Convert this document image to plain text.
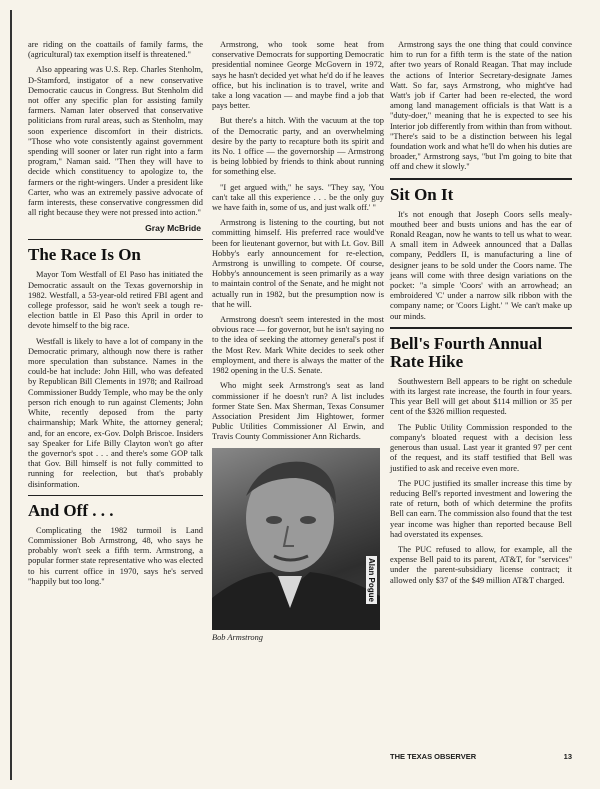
are riding on the coattails of family farms, the (agricultural) tax exemption itself is threatened."

Also appearing was U.S. Rep. Charles Stenholm, D-Stamford, instigator of a new conservative Democratic caucus in Congress. But Stenholm did not offer any specific plan for assisting family farmers. Naman later observed that conservative politicians from rural areas, such as Stenholm, may soon experience discomfort in their districts. "Those who vote consistently against government spending will sooner or later run right into a farm program," Naman said. "Then they will have to decide which constituency to apologize to, the farmers or the right-wingers. Under a president like Carter, who was an extremely passive advocate of farm interests, these conservative congressmen did all right because they were not pressed into action."

Gray McBride
The Race Is On

Mayor Tom Westfall of El Paso has initiated the Democratic assault on the Texas governorship in 1982. Westfall, a 53-year-old retired FBI agent and college professor, said he won't seek a tough re-election battle in El Paso this April in order to devote himself to the big race.

Westfall is likely to have a lot of company in the Democratic primary, although now there is rather more speculation than substance. Names in the could-be hat include: John Hill, who was defeated by Republican Bill Clements in 1978; and Railroad Commissioner Buddy Temple, who may be the only person rich enough to run against Clements; John White, recently deposed from the party chairmanship; Mark White, the attorney general; and, for an encore, ex-Gov. Dolph Briscoe. Insiders say Speaker for Life Billy Clayton won't go after the governor's spot . . . and there's some GOP talk that Gov. Bill himself is not fully committed to running for reelection, but that's probably disinformation.

And Off . . .

Complicating the 1982 turmoil is Land Commissioner Bob Armstrong, 48, who says he probably won't seek a fifth term. Armstrong, a popular former state representative who was elected to his current office in 1970, says he's served "happily but too long."

Armstrong, who took some heat from conservative Democrats for supporting Democratic presidential nominee George McGovern in 1972, says he hasn't decided yet what he'd do if he leaves office, but his inclination is to travel, write and take a long vacation — and maybe find a job that pays better.

But there's a hitch. With the vacuum at the top of the Democratic party, and an overwhelming desire by the party to recapture both its spirit and its No. 1 office — the governorship — Armstrong is being lobbied by friends to think about running for something else.

"I get argued with," he says. "They say, 'You can't take all this experience . . . be the only guy we have faith in, some of us, and just walk off.' "

Armstrong is listening to the courting, but not committing himself. His preferred race would've been for lieutenant governor, but with Lt. Gov. Bill Hobby's early announcement for re-election, Armstrong is unwilling to compete. Of course, Hobby's announcement is seen primarily as a way to maintain control of the Senate, and he might not actually run in 1982, but the presumption now is that he will.

Armstrong doesn't seem interested in the most obvious race — for governor, but he isn't saying no to the idea of seeking the attorney general's post if the Most Rev. Mark White decides to seek other employment, and there is always the matter of the 1982 opening in the U.S. Senate.

Who might seek Armstrong's seat as land commissioner if he doesn't run? A list includes former State Sen. Max Sherman, Texas Consumer Association President Jim Hightower, former Public Utilities Commissioner Al Erwin, and Travis County Commissioner Ann Richards.

Alan Pogue

Bob Armstrong

Armstrong says the one thing that could convince him to run for a fifth term is the state of the nation after two years of Ronald Reagan. That may include the actions of Interior Secretary-designate James Watt. So far, says Armstrong, who might've had Watt's job if Carter had been re-elected, the word among land management officials is that Watt is a "duty-doer," meaning that he is expected to see his Interior job differently from within than from without. "There's said to be a distinction between his legal foundation work and what he'll do when his duties are broader," Armstrong says, "but I'm going to bite that off and chew it slowly."

Sit On It

It's not enough that Joseph Coors sells mealy-mouthed beer and busts unions and has the ear of Ronald Reagan, now he wants to tell us what to wear. A small item in Adweek announced that a Dallas company, Peddlers II, is manufacturing a line of designer jeans to be sold under the Coors name. The jeans will come with three design variations on the pocket: "a simple 'Coors' with an arrowhead; an embroidered 'C' under a narrow silk ribbon with the company name; or 'Coors Light.' " We can't make up our minds.

Bell's Fourth Annual Rate Hike

Southwestern Bell appears to be right on schedule with its largest rate increase, the fourth in four years. This year Bell will get about $114 million or 35 per cent of the $326 million requested.

The Public Utility Commission responded to the company's bloated request with a decision less generous than usual. Last year it granted 97 per cent of the request, and its staff testified that Bell was justified to ask and receive even more.

The PUC justified its smaller increase this time by reducing Bell's reported investment and lowering the rate of return, both of which determine the profits Bell can earn. The commission also found that the test year income was higher than reported because Bell had overstated its expenses.

The PUC refused to allow, for example, all the expense Bell paid to its parent, AT&T, for "services" under the parent-subsidiary license contract; it allowed only $37 of the $49 million AT&T charged.

THE TEXAS OBSERVER	13
